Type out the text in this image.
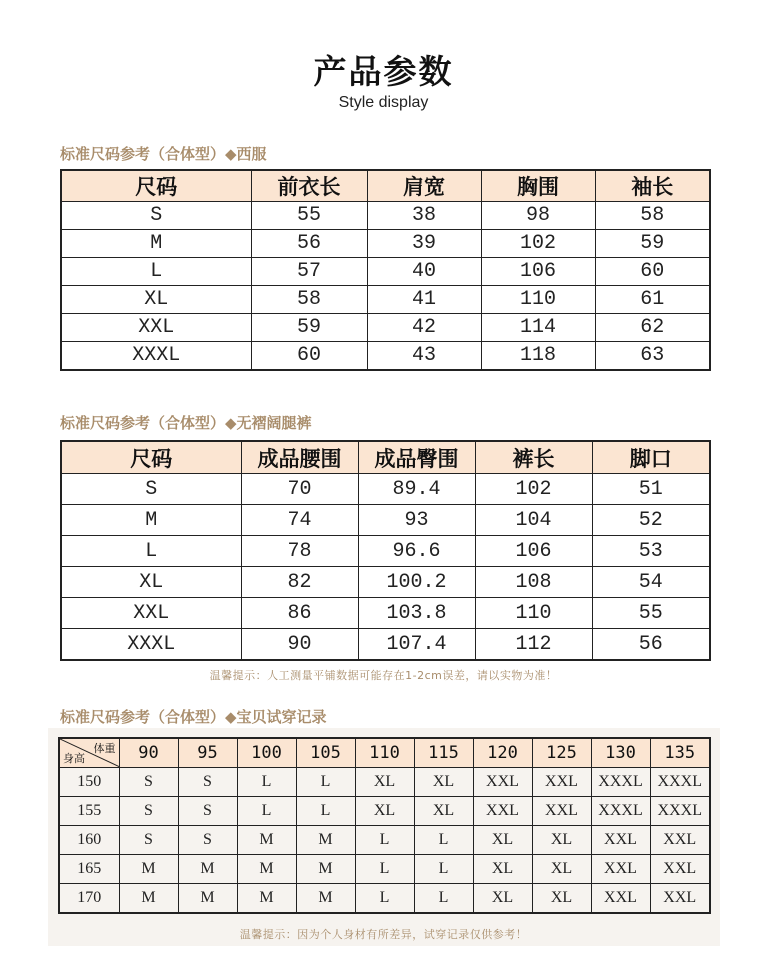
产品参数
Style display
标准尺码参考（合体型）◆西服
尺码	前衣长	肩宽	胸围	袖长
S	55	38	98	58
M	56	39	102	59
L	57	40	106	60
XL	58	41	110	61
XXL	59	42	114	62
XXXL	60	43	118	63
标准尺码参考（合体型）◆无褶阔腿裤
尺码	成品腰围	成品臀围	裤长	脚口
S	70	89.4	102	51
M	74	93	104	52
L	78	96.6	106	53
XL	82	100.2	108	54
XXL	86	103.8	110	55
XXXL	90	107.4	112	56
温馨提示：人工测量平铺数据可能存在1-2cm误差，请以实物为准！
标准尺码参考（合体型）◆宝贝试穿记录
体重
身高	90	95	100	105	110	115	120	125	130	135
150	S	S	L	L	XL	XL	XXL	XXL	XXXL	XXXL
155	S	S	L	L	XL	XL	XXL	XXL	XXXL	XXXL
160	S	S	M	M	L	L	XL	XL	XXL	XXL
165	M	M	M	M	L	L	XL	XL	XXL	XXL
170	M	M	M	M	L	L	XL	XL	XXL	XXL
温馨提示：因为个人身材有所差异，试穿记录仅供参考！
